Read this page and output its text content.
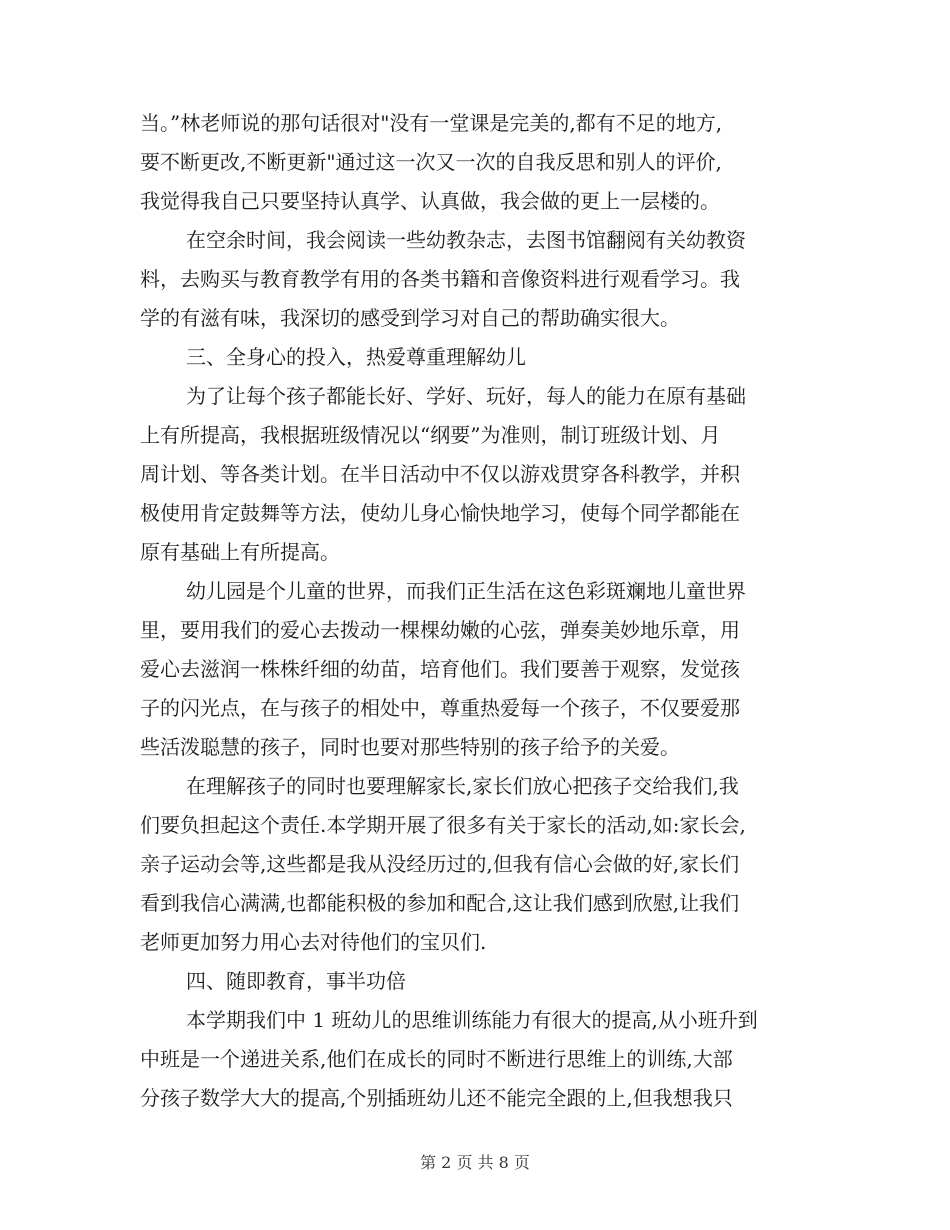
当。”林老师说的那句话很对"没有一堂课是完美的,都有不足的地方,
要不断更改,不断更新"通过这一次又一次的自我反思和别人的评价,
我觉得我自己只要坚持认真学、认真做，我会做的更上一层楼的。
在空余时间，我会阅读一些幼教杂志，去图书馆翻阅有关幼教资
料，去购买与教育教学有用的各类书籍和音像资料进行观看学习。我
学的有滋有味，我深切的感受到学习对自己的帮助确实很大。
三、全身心的投入，热爱尊重理解幼儿
为了让每个孩子都能长好、学好、玩好，每人的能力在原有基础
上有所提高，我根据班级情况以“纲要”为准则，制订班级计划、月
周计划、等各类计划。在半日活动中不仅以游戏贯穿各科教学，并积
极使用肯定鼓舞等方法，使幼儿身心愉快地学习，使每个同学都能在
原有基础上有所提高。
幼儿园是个儿童的世界，而我们正生活在这色彩斑斓地儿童世界
里，要用我们的爱心去拨动一棵棵幼嫩的心弦，弹奏美妙地乐章，用
爱心去滋润一株株纤细的幼苗，培育他们。我们要善于观察，发觉孩
子的闪光点，在与孩子的相处中，尊重热爱每一个孩子，不仅要爱那
些活泼聪慧的孩子，同时也要对那些特别的孩子给予的关爱。
在理解孩子的同时也要理解家长,家长们放心把孩子交给我们,我
们要负担起这个责任.本学期开展了很多有关于家长的活动,如:家长会,
亲子运动会等,这些都是我从没经历过的,但我有信心会做的好,家长们
看到我信心满满,也都能积极的参加和配合,这让我们感到欣慰,让我们
老师更加努力用心去对待他们的宝贝们.
四、随即教育，事半功倍
本学期我们中 1 班幼儿的思维训练能力有很大的提高,从小班升到
中班是一个递进关系,他们在成长的同时不断进行思维上的训练,大部
分孩子数学大大的提高,个别插班幼儿还不能完全跟的上,但我想我只
第 2 页 共 8 页
